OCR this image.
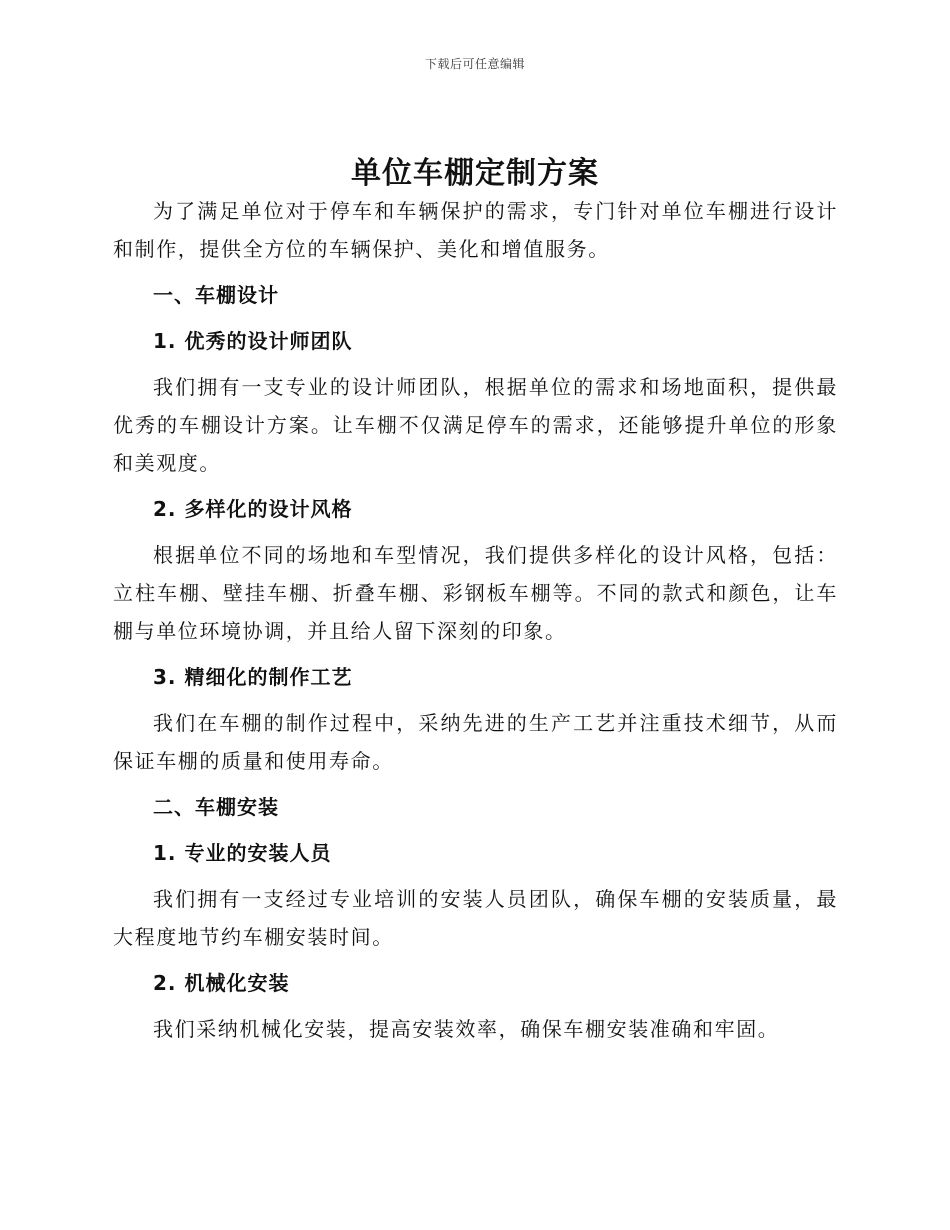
下载后可任意编辑
单位车棚定制方案

为了满足单位对于停车和车辆保护的需求，专门针对单位车棚进行设计和制作，提供全方位的车辆保护、美化和增值服务。

一、车棚设计
1. 优秀的设计师团队

我们拥有一支专业的设计师团队，根据单位的需求和场地面积，提供最优秀的车棚设计方案。让车棚不仅满足停车的需求，还能够提升单位的形象和美观度。

2. 多样化的设计风格

根据单位不同的场地和车型情况，我们提供多样化的设计风格，包括：立柱车棚、壁挂车棚、折叠车棚、彩钢板车棚等。不同的款式和颜色，让车棚与单位环境协调，并且给人留下深刻的印象。

3. 精细化的制作工艺

我们在车棚的制作过程中，采纳先进的生产工艺并注重技术细节，从而保证车棚的质量和使用寿命。

二、车棚安装
1. 专业的安装人员

我们拥有一支经过专业培训的安装人员团队，确保车棚的安装质量，最大程度地节约车棚安装时间。

2. 机械化安装

我们采纳机械化安装，提高安装效率，确保车棚安装准确和牢固。
